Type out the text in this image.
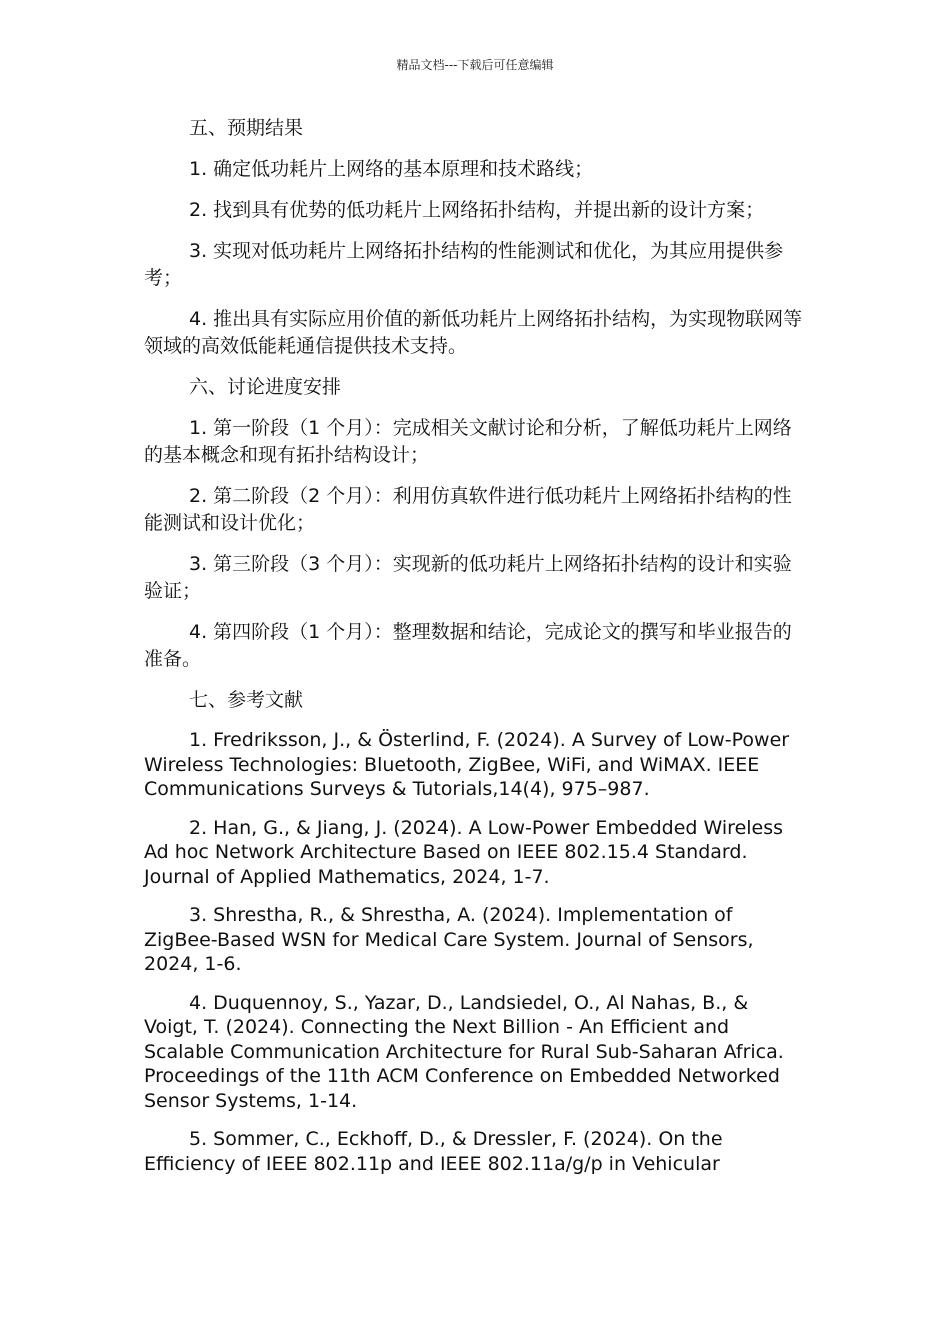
精品文档---下载后可任意编辑

五、预期结果

1. 确定低功耗片上网络的基本原理和技术路线；

2. 找到具有优势的低功耗片上网络拓扑结构，并提出新的设计方案；

3. 实现对低功耗片上网络拓扑结构的性能测试和优化，为其应用提供参考；

4. 推出具有实际应用价值的新低功耗片上网络拓扑结构，为实现物联网等领域的高效低能耗通信提供技术支持。

六、讨论进度安排

1. 第一阶段（1 个月）：完成相关文献讨论和分析，了解低功耗片上网络的基本概念和现有拓扑结构设计；

2. 第二阶段（2 个月）：利用仿真软件进行低功耗片上网络拓扑结构的性能测试和设计优化；

3. 第三阶段（3 个月）：实现新的低功耗片上网络拓扑结构的设计和实验验证；

4. 第四阶段（1 个月）：整理数据和结论，完成论文的撰写和毕业报告的准备。

七、参考文献

1. Fredriksson, J., & Österlind, F. (2024). A Survey of Low-Power Wireless Technologies: Bluetooth, ZigBee, WiFi, and WiMAX. IEEE Communications Surveys & Tutorials,14(4), 975–987.

2. Han, G., & Jiang, J. (2024). A Low-Power Embedded Wireless Ad hoc Network Architecture Based on IEEE 802.15.4 Standard. Journal of Applied Mathematics, 2024, 1-7.

3. Shrestha, R., & Shrestha, A. (2024). Implementation of ZigBee-Based WSN for Medical Care System. Journal of Sensors, 2024, 1-6.

4. Duquennoy, S., Yazar, D., Landsiedel, O., Al Nahas, B., & Voigt, T. (2024). Connecting the Next Billion - An Efficient and Scalable Communication Architecture for Rural Sub-Saharan Africa. Proceedings of the 11th ACM Conference on Embedded Networked Sensor Systems, 1-14.

5. Sommer, C., Eckhoff, D., & Dressler, F. (2024). On the Efficiency of IEEE 802.11p and IEEE 802.11a/g/p in Vehicular
